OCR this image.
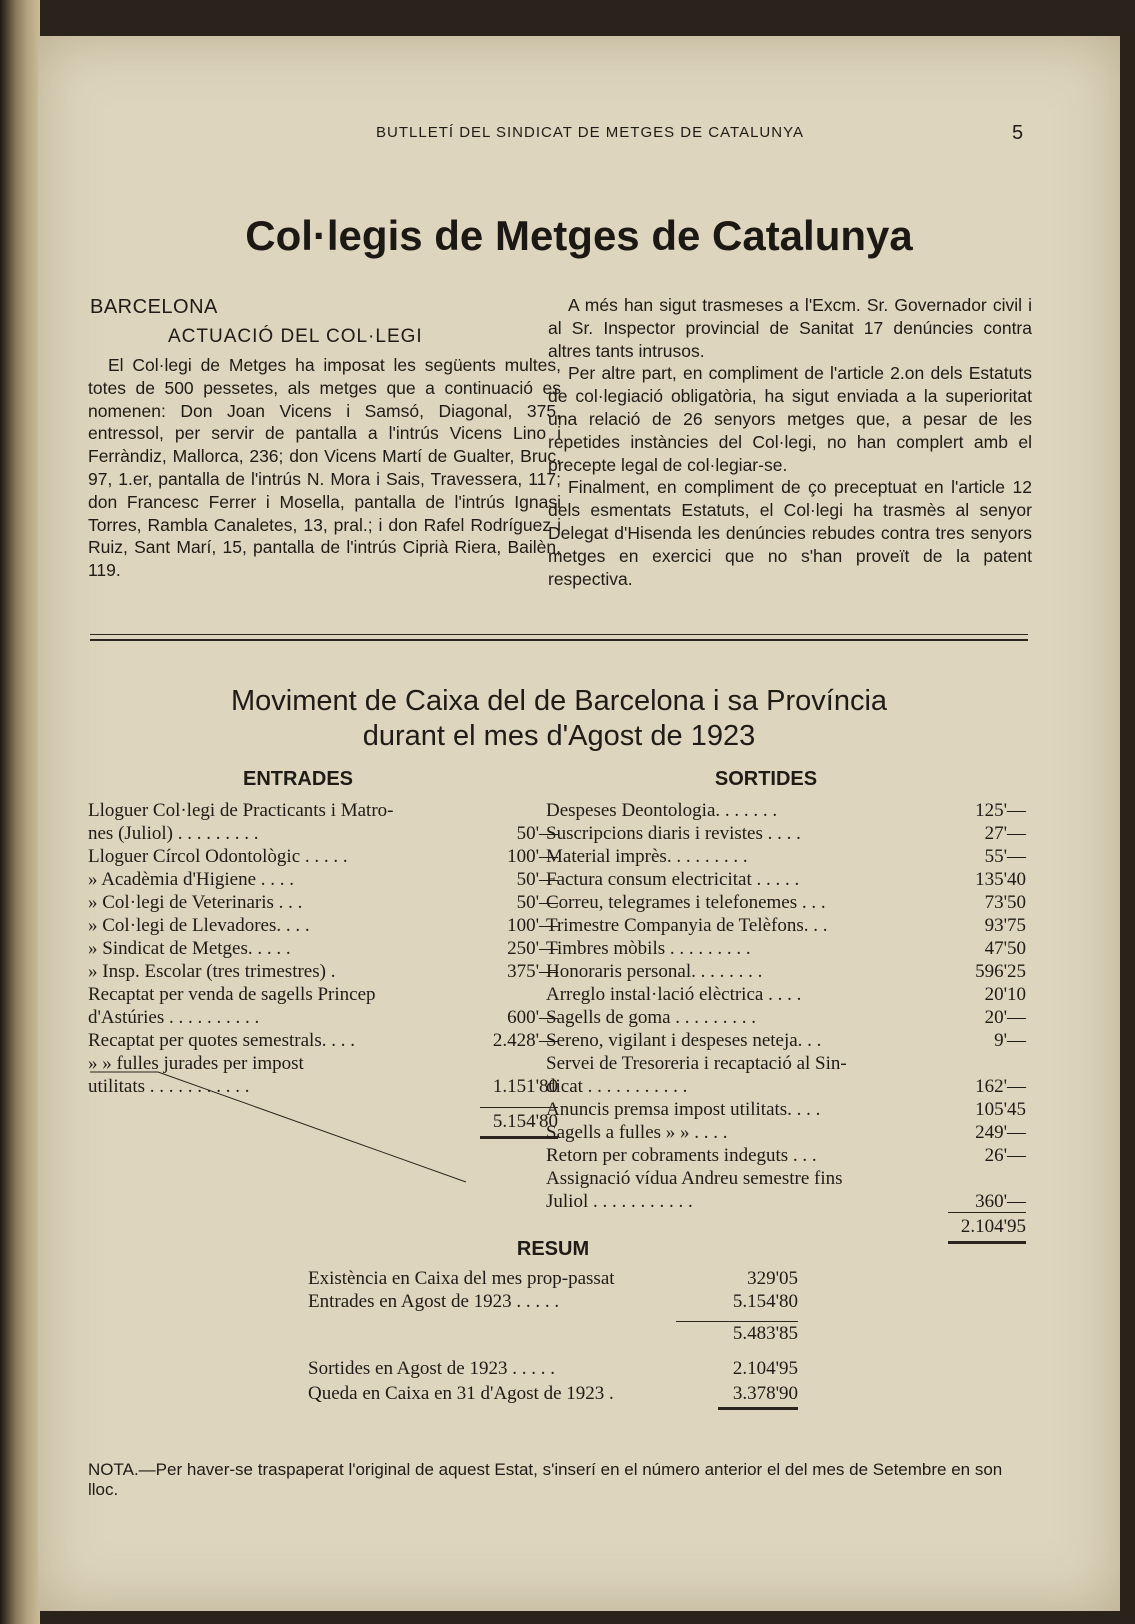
BUTLLETÍ DEL SINDICAT DE METGES DE CATALUNYA	5
Col·legis de Metges de Catalunya
BARCELONA
ACTUACIÓ DEL COL·LEGI

El Col·legi de Metges ha imposat les següents multes, totes de 500 pessetes, als metges que a continuació es nomenen: Don Joan Vicens i Samsó, Diagonal, 375, entressol, per servir de pantalla a l'intrús Vicens Lino i Ferràndiz, Mallorca, 236; don Vicens Martí de Gualter, Bruc, 97, 1.er, pantalla de l'intrús N. Mora i Sais, Travessera, 117; don Francesc Ferrer i Mosella, pantalla de l'intrús Ignasi Torres, Rambla Canaletes, 13, pral.; i don Rafel Rodríguez i Ruiz, Sant Marí, 15, pantalla de l'intrús Ciprià Riera, Bailèn, 119.

A més han sigut trasmeses a l'Excm. Sr. Governador civil i al Sr. Inspector provincial de Sanitat 17 denúncies contra altres tants intrusos.

Per altre part, en compliment de l'article 2.on dels Estatuts de col·legiació obligatòria, ha sigut enviada a la superioritat una relació de 26 senyors metges que, a pesar de les repetides instàncies del Col·legi, no han complert amb el precepte legal de col·legiar-se.

Finalment, en compliment de ço preceptuat en l'article 12 dels esmentats Estatuts, el Col·legi ha trasmès al senyor Delegat d'Hisenda les denúncies rebudes contra tres senyors metges en exercici que no s'han proveït de la patent respectiva.

Moviment de Caixa del de Barcelona i sa Província
durant el mes d'Agost de 1923
ENTRADES
Lloguer Col·legi de Practicants i Matro-
nes (Juliol) . . . . . . . . .	50'—
Lloguer Círcol Odontològic . . . . .	100'—
» Acadèmia d'Higiene . . . .	50'—
» Col·legi de Veterinaris . . .	50'—
» Col·legi de Llevadores. . . .	100'—
» Sindicat de Metges. . . . .	250'—
» Insp. Escolar (tres trimestres) .	375'—
Recaptat per venda de sagells Princep
d'Astúries . . . . . . . . . .	600'—
Recaptat per quotes semestrals. . . .	2.428'—
» » fulles jurades per impost
utilitats . . . . . . . . . . .	1.151'80
5.154'80
SORTIDES
Despeses Deontologia. . . . . . .	125'—
Suscripcions diaris i revistes . . . .	27'—
Material imprès. . . . . . . . .	55'—
Factura consum electricitat . . . . .	135'40
Correu, telegrames i telefonemes . . .	73'50
Trimestre Companyia de Telèfons. . .	93'75
Timbres mòbils . . . . . . . . .	47'50
Honoraris personal. . . . . . . .	596'25
Arreglo instal·lació elèctrica . . . .	20'10
Sagells de goma . . . . . . . . .	20'—
Sereno, vigilant i despeses neteja. . .	9'—
Servei de Tresoreria i recaptació al Sin-
dicat . . . . . . . . . . .	162'—
Anuncis premsa impost utilitats. . . .	105'45
Sagells a fulles » » . . . .	249'—
Retorn per cobraments indeguts . . .	26'—
Assignació vídua Andreu semestre fins
Juliol . . . . . . . . . . .	360'—
2.104'95
RESUM
Existència en Caixa del mes prop-passat	329'05
Entrades en Agost de 1923 . . . . .	5.154'80
5.483'85
Sortides en Agost de 1923 . . . . .	2.104'95
Queda en Caixa en 31 d'Agost de 1923 .	3.378'90
NOTA.—Per haver-se traspaperat l'original de aquest Estat, s'inserí en el número anterior el del mes de Setembre en son lloc.
